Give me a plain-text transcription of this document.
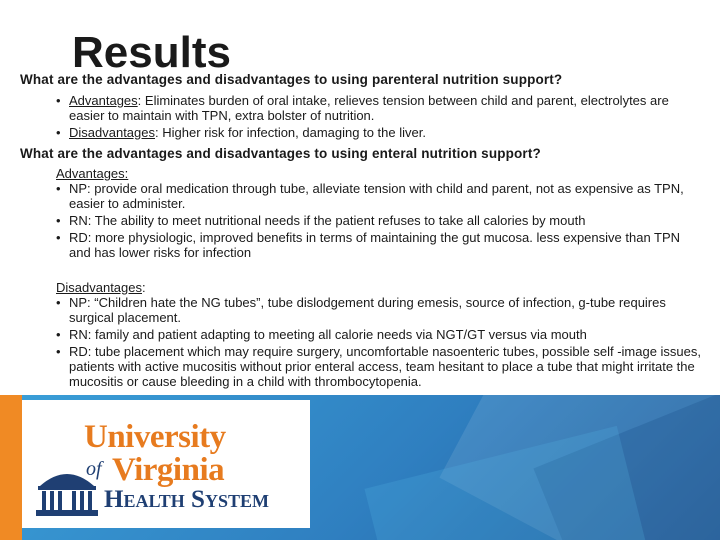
Results
What are the advantages and disadvantages to using parenteral nutrition support?
• Advantages: Eliminates burden of oral intake, relieves tension between child and parent, electrolytes are easier to maintain with TPN, extra bolster of nutrition.
• Disadvantages: Higher risk for infection, damaging to the liver.
What are the advantages and disadvantages to using enteral nutrition support?
Advantages:
• NP: provide oral medication through tube, alleviate tension with child and parent, not as expensive as TPN, easier to administer.
• RN: The ability to meet nutritional needs if the patient refuses to take all calories by mouth
• RD: more physiologic, improved benefits in terms of maintaining the gut mucosa. less expensive than TPN and has lower risks for infection
Disadvantages:
• NP: “Children hate the NG tubes”, tube dislodgement during emesis, source of infection, g-tube requires surgical placement.
• RN: family and patient adapting to meeting all calorie needs via NGT/GT versus via mouth
• RD: tube placement which may require surgery, uncomfortable nasoenteric tubes, possible self -image issues, patients with active mucositis without prior enteral access, team hesitant to place a tube that might irritate the mucositis or cause bleeding in a child with thrombocytopenia.
University
of Virginia
Health System
